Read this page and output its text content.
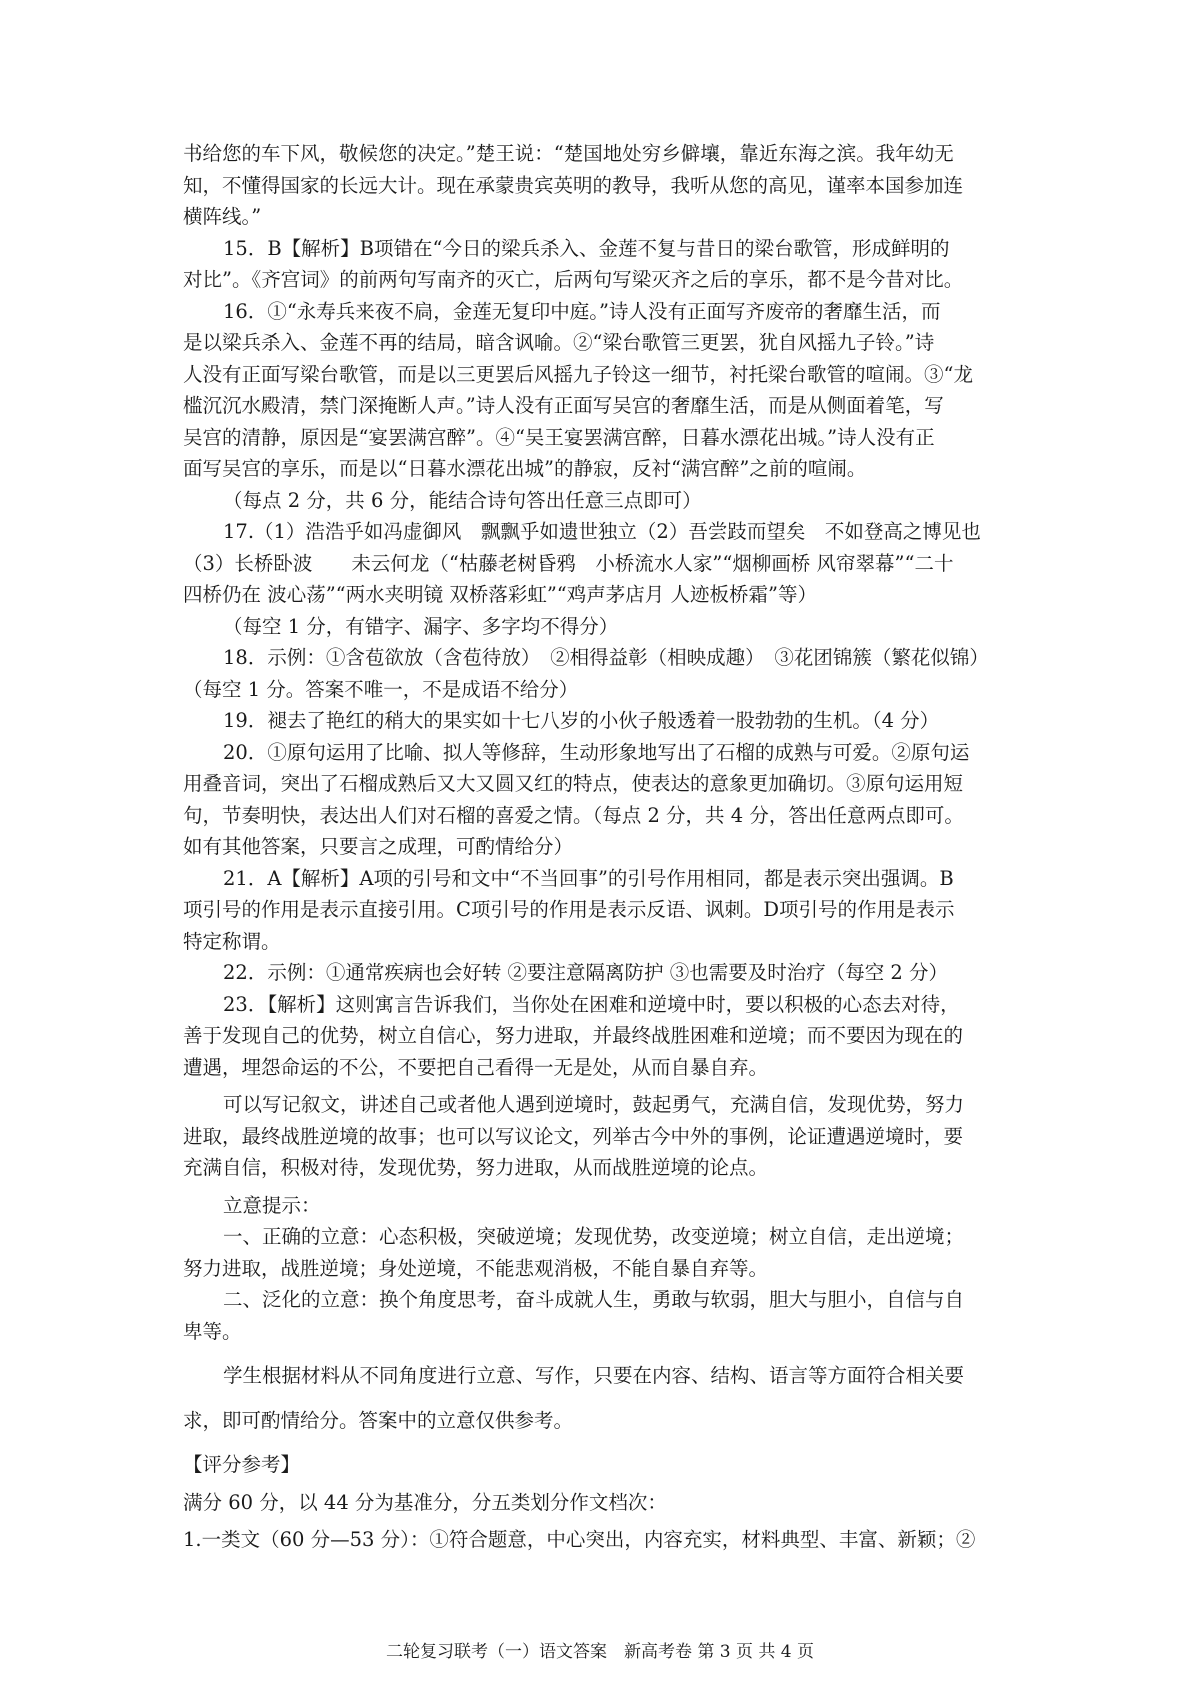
书给您的车下风，敬候您的决定。”楚王说：“楚国地处穷乡僻壤，靠近东海之滨。我年幼无

知，不懂得国家的长远大计。现在承蒙贵宾英明的教导，我听从您的高见，谨率本国参加连

横阵线。”

15．B【解析】B项错在“今日的梁兵杀入、金莲不复与昔日的梁台歌管，形成鲜明的

对比”。《齐宫词》的前两句写南齐的灭亡，后两句写梁灭齐之后的享乐，都不是今昔对比。

16．①“永寿兵来夜不扃，金莲无复印中庭。”诗人没有正面写齐废帝的奢靡生活，而

是以梁兵杀入、金莲不再的结局，暗含讽喻。②“梁台歌管三更罢，犹自风摇九子铃。”诗

人没有正面写梁台歌管，而是以三更罢后风摇九子铃这一细节，衬托梁台歌管的喧闹。③“龙

槛沉沉水殿清，禁门深掩断人声。”诗人没有正面写吴宫的奢靡生活，而是从侧面着笔，写

吴宫的清静，原因是“宴罢满宫醉”。④“吴王宴罢满宫醉，日暮水漂花出城。”诗人没有正

面写吴宫的享乐，而是以“日暮水漂花出城”的静寂，反衬“满宫醉”之前的喧闹。

（每点 2 分，共 6 分，能结合诗句答出任意三点即可）

17.（1）浩浩乎如冯虚御风　飘飘乎如遗世独立（2）吾尝跂而望矣　不如登高之博见也

（3）长桥卧波　　未云何龙（“枯藤老树昏鸦　小桥流水人家”“烟柳画桥 风帘翠幕”“二十

四桥仍在 波心荡”“两水夹明镜 双桥落彩虹”“鸡声茅店月 人迹板桥霜”等）

（每空 1 分，有错字、漏字、多字均不得分）

18．示例：①含苞欲放（含苞待放）　②相得益彰（相映成趣）　③花团锦簇（繁花似锦）

（每空 1 分。答案不唯一，不是成语不给分）

19．褪去了艳红的稍大的果实如十七八岁的小伙子般透着一股勃勃的生机。（4 分）

20．①原句运用了比喻、拟人等修辞，生动形象地写出了石榴的成熟与可爱。②原句运

用叠音词，突出了石榴成熟后又大又圆又红的特点，使表达的意象更加确切。③原句运用短

句，节奏明快，表达出人们对石榴的喜爱之情。（每点 2 分，共 4 分，答出任意两点即可。

如有其他答案，只要言之成理，可酌情给分）

21．A【解析】A项的引号和文中“不当回事”的引号作用相同，都是表示突出强调。B

项引号的作用是表示直接引用。C项引号的作用是表示反语、讽刺。D项引号的作用是表示

特定称谓。

22．示例：①通常疾病也会好转 ②要注意隔离防护 ③也需要及时治疗（每空 2 分）

23．【解析】这则寓言告诉我们，当你处在困难和逆境中时，要以积极的心态去对待，

善于发现自己的优势，树立自信心，努力进取，并最终战胜困难和逆境；而不要因为现在的

遭遇，埋怨命运的不公，不要把自己看得一无是处，从而自暴自弃。

可以写记叙文，讲述自己或者他人遇到逆境时，鼓起勇气，充满自信，发现优势，努力

进取，最终战胜逆境的故事；也可以写议论文，列举古今中外的事例，论证遭遇逆境时，要

充满自信，积极对待，发现优势，努力进取，从而战胜逆境的论点。

立意提示：

一、正确的立意：心态积极，突破逆境；发现优势，改变逆境；树立自信，走出逆境；

努力进取，战胜逆境；身处逆境，不能悲观消极，不能自暴自弃等。

二、泛化的立意：换个角度思考，奋斗成就人生，勇敢与软弱，胆大与胆小，自信与自

卑等。

学生根据材料从不同角度进行立意、写作，只要在内容、结构、语言等方面符合相关要

求，即可酌情给分。答案中的立意仅供参考。

【评分参考】

满分 60 分，以 44 分为基准分，分五类划分作文档次：

1.一类文（60 分—53 分）：①符合题意，中心突出，内容充实，材料典型、丰富、新颖；②

二轮复习联考（一）语文答案　新高考卷 第 3 页 共 4 页
